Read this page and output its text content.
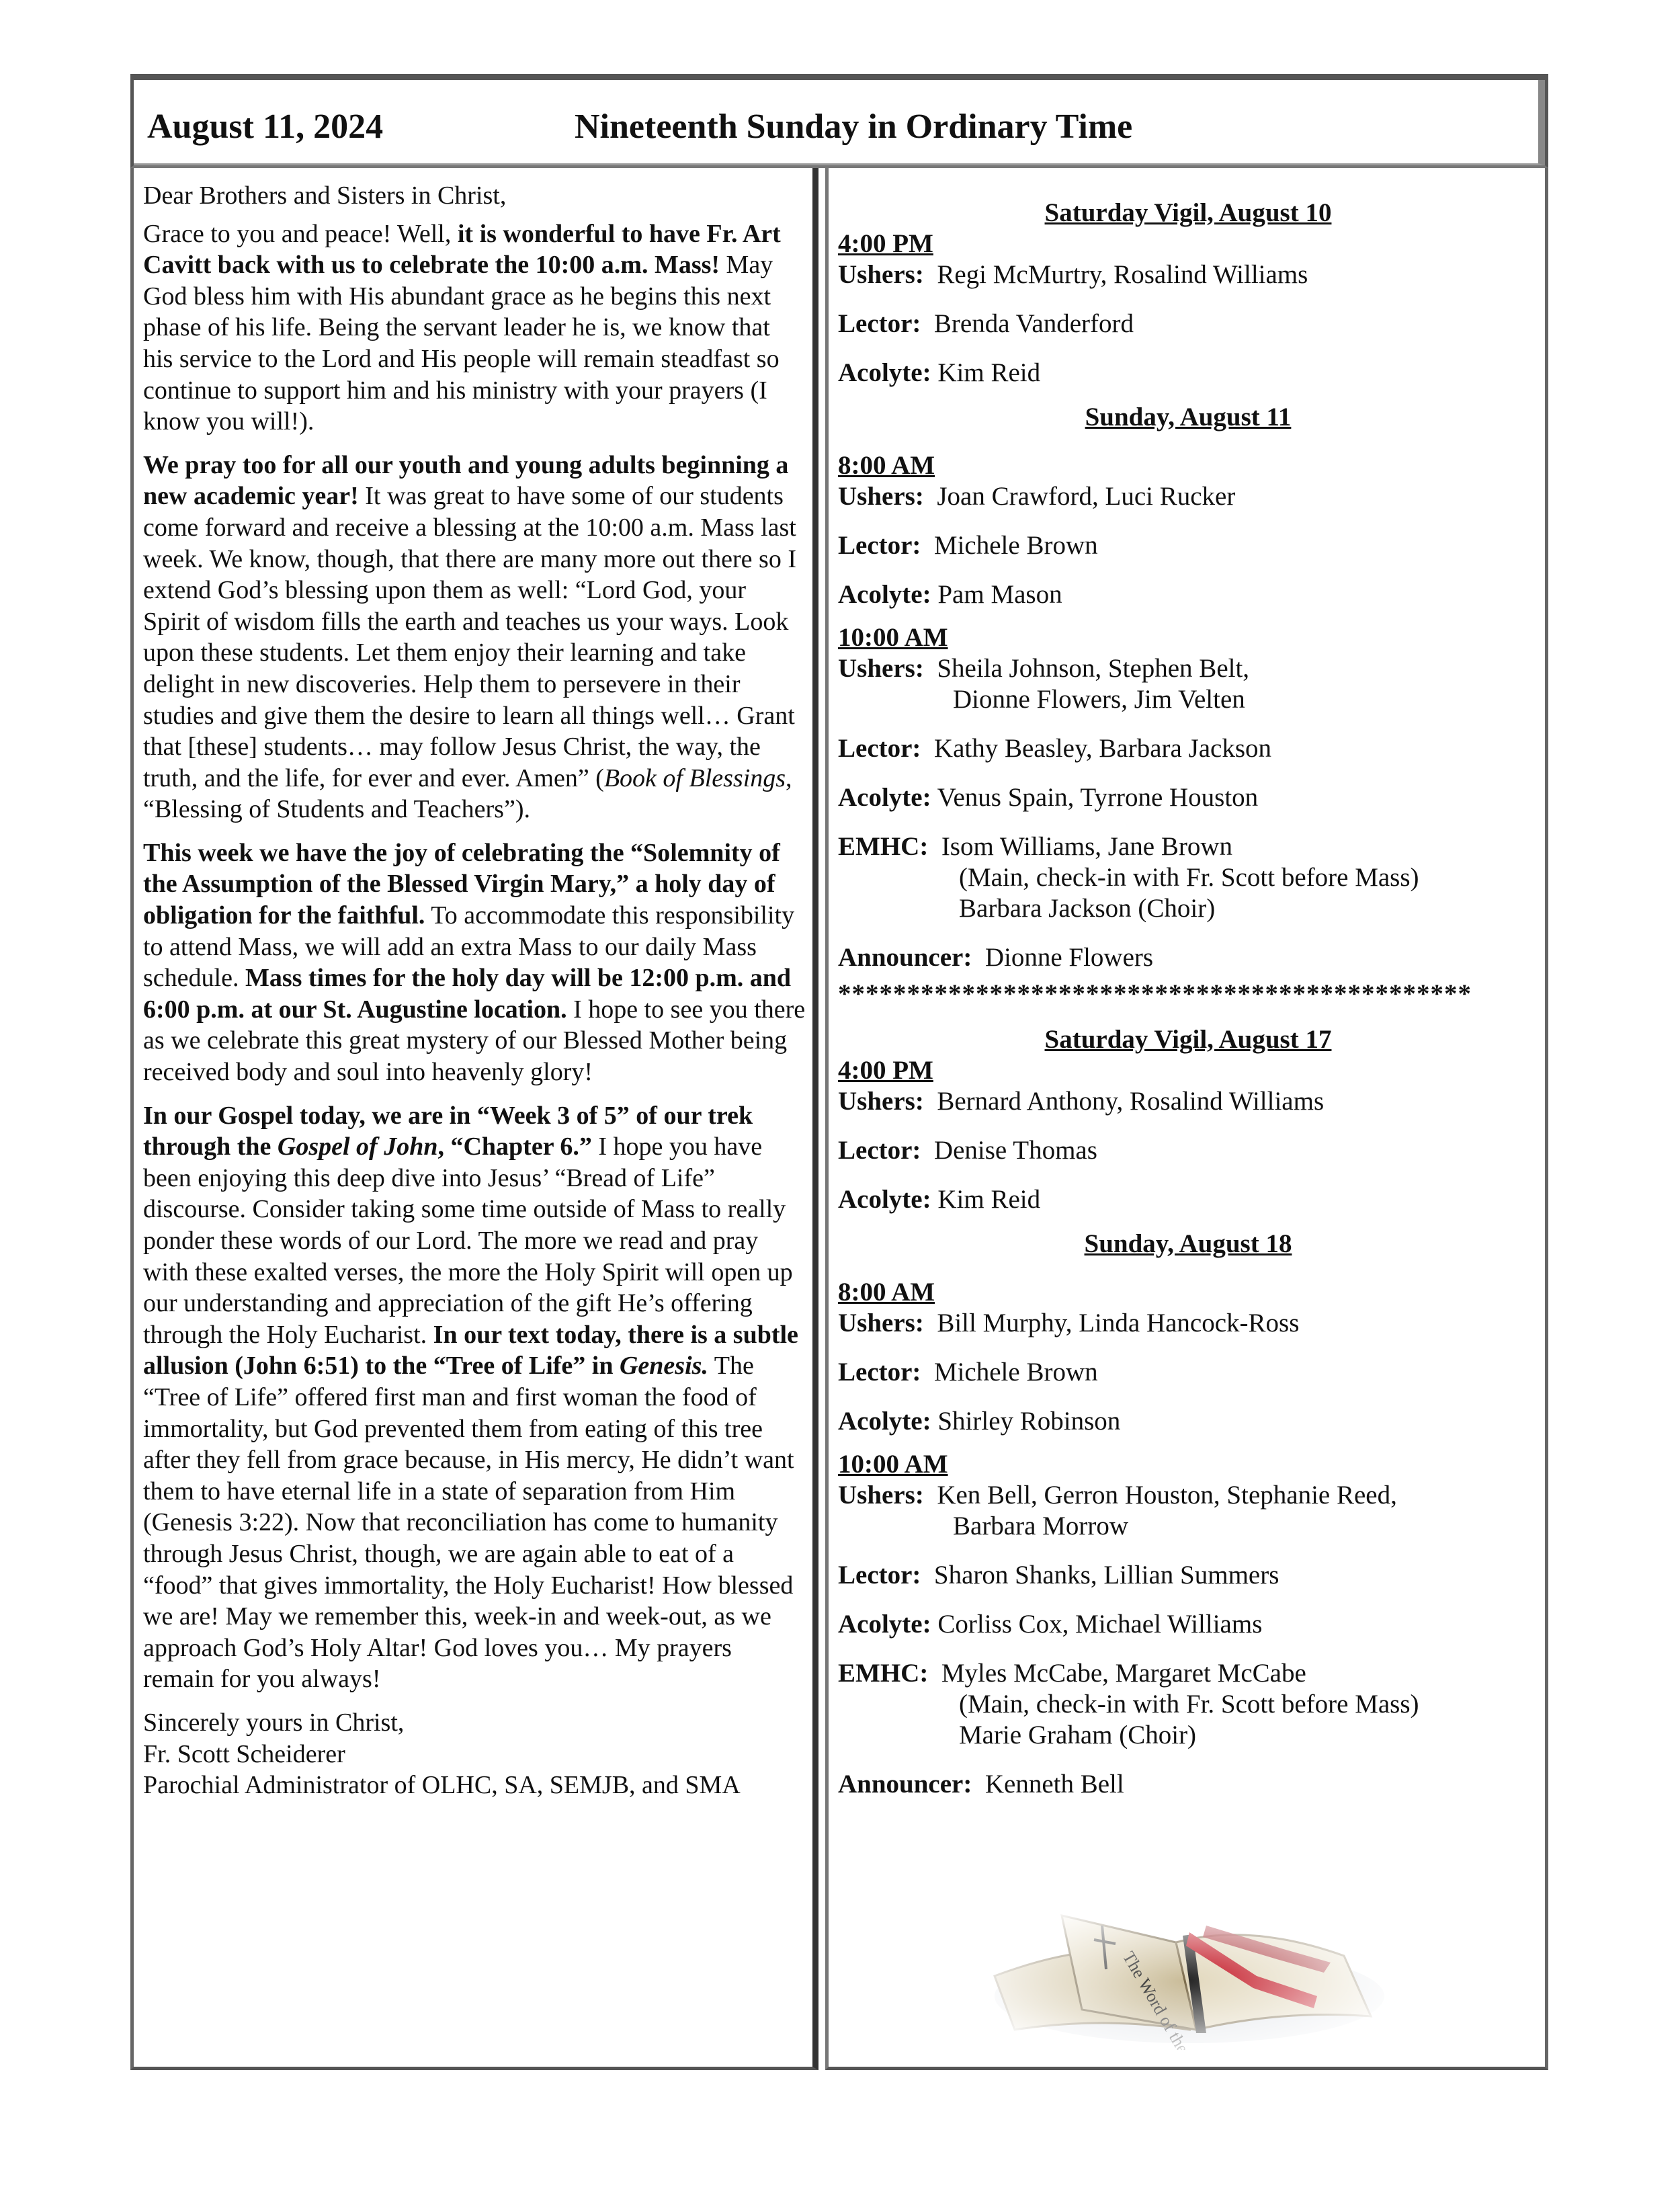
August 11, 2024	Nineteenth Sunday in Ordinary Time

Dear Brothers and Sisters in Christ,

Grace to you and peace! Well, it is wonderful to have Fr. Art Cavitt back with us to celebrate the 10:00 a.m. Mass! May God bless him with His abundant grace as he begins this next phase of his life. Being the servant leader he is, we know that his service to the Lord and His people will remain steadfast so continue to support him and his ministry with your prayers (I know you will!).

We pray too for all our youth and young adults beginning a new academic year! It was great to have some of our students come forward and receive a blessing at the 10:00 a.m. Mass last week. We know, though, that there are many more out there so I extend God’s blessing upon them as well: “Lord God, your Spirit of wisdom fills the earth and teaches us your ways. Look upon these students. Let them enjoy their learning and take delight in new discoveries. Help them to persevere in their studies and give them the desire to learn all things well… Grant that [these] students… may follow Jesus Christ, the way, the truth, and the life, for ever and ever. Amen” (Book of Blessings, “Blessing of Students and Teachers”).

This week we have the joy of celebrating the “Solemnity of the Assumption of the Blessed Virgin Mary,” a holy day of obligation for the faithful. To accommodate this responsibility to attend Mass, we will add an extra Mass to our daily Mass schedule. Mass times for the holy day will be 12:00 p.m. and 6:00 p.m. at our St. Augustine location. I hope to see you there as we celebrate this great mystery of our Blessed Mother being received body and soul into heavenly glory!

In our Gospel today, we are in “Week 3 of 5” of our trek through the Gospel of John, “Chapter 6.” I hope you have been enjoying this deep dive into Jesus’ “Bread of Life” discourse. Consider taking some time outside of Mass to really ponder these words of our Lord. The more we read and pray with these exalted verses, the more the Holy Spirit will open up our understanding and appreciation of the gift He’s offering through the Holy Eucharist. In our text today, there is a subtle allusion (John 6:51) to the “Tree of Life” in Genesis. The “Tree of Life” offered first man and first woman the food of immortality, but God prevented them from eating of this tree after they fell from grace because, in His mercy, He didn’t want them to have eternal life in a state of separation from Him (Genesis 3:22). Now that reconciliation has come to humanity through Jesus Christ, though, we are again able to eat of a “food” that gives immortality, the Holy Eucharist! How blessed we are! May we remember this, week-in and week-out, as we approach God’s Holy Altar! God loves you… My prayers remain for you always!

Sincerely yours in Christ,
Fr. Scott Scheiderer
Parochial Administrator of OLHC, SA, SEMJB, and SMA

Saturday Vigil, August 10
4:00 PM
Ushers: Regi McMurtry, Rosalind Williams
Lector: Brenda Vanderford
Acolyte: Kim Reid
Sunday, August 11
8:00 AM
Ushers: Joan Crawford, Luci Rucker
Lector: Michele Brown
Acolyte: Pam Mason
10:00 AM
Ushers: Sheila Johnson, Stephen Belt,
Dionne Flowers, Jim Velten
Lector: Kathy Beasley, Barbara Jackson
Acolyte: Venus Spain, Tyrrone Houston
EMHC: Isom Williams, Jane Brown
(Main, check-in with Fr. Scott before Mass)
Barbara Jackson (Choir)
Announcer: Dionne Flowers
**********************************************
Saturday Vigil, August 17
4:00 PM
Ushers: Bernard Anthony, Rosalind Williams
Lector: Denise Thomas
Acolyte: Kim Reid
Sunday, August 18
8:00 AM
Ushers: Bill Murphy, Linda Hancock-Ross
Lector: Michele Brown
Acolyte: Shirley Robinson
10:00 AM
Ushers: Ken Bell, Gerron Houston, Stephanie Reed,
Barbara Morrow
Lector: Sharon Shanks, Lillian Summers
Acolyte: Corliss Cox, Michael Williams
EMHC: Myles McCabe, Margaret McCabe
(Main, check-in with Fr. Scott before Mass)
Marie Graham (Choir)
Announcer: Kenneth Bell
